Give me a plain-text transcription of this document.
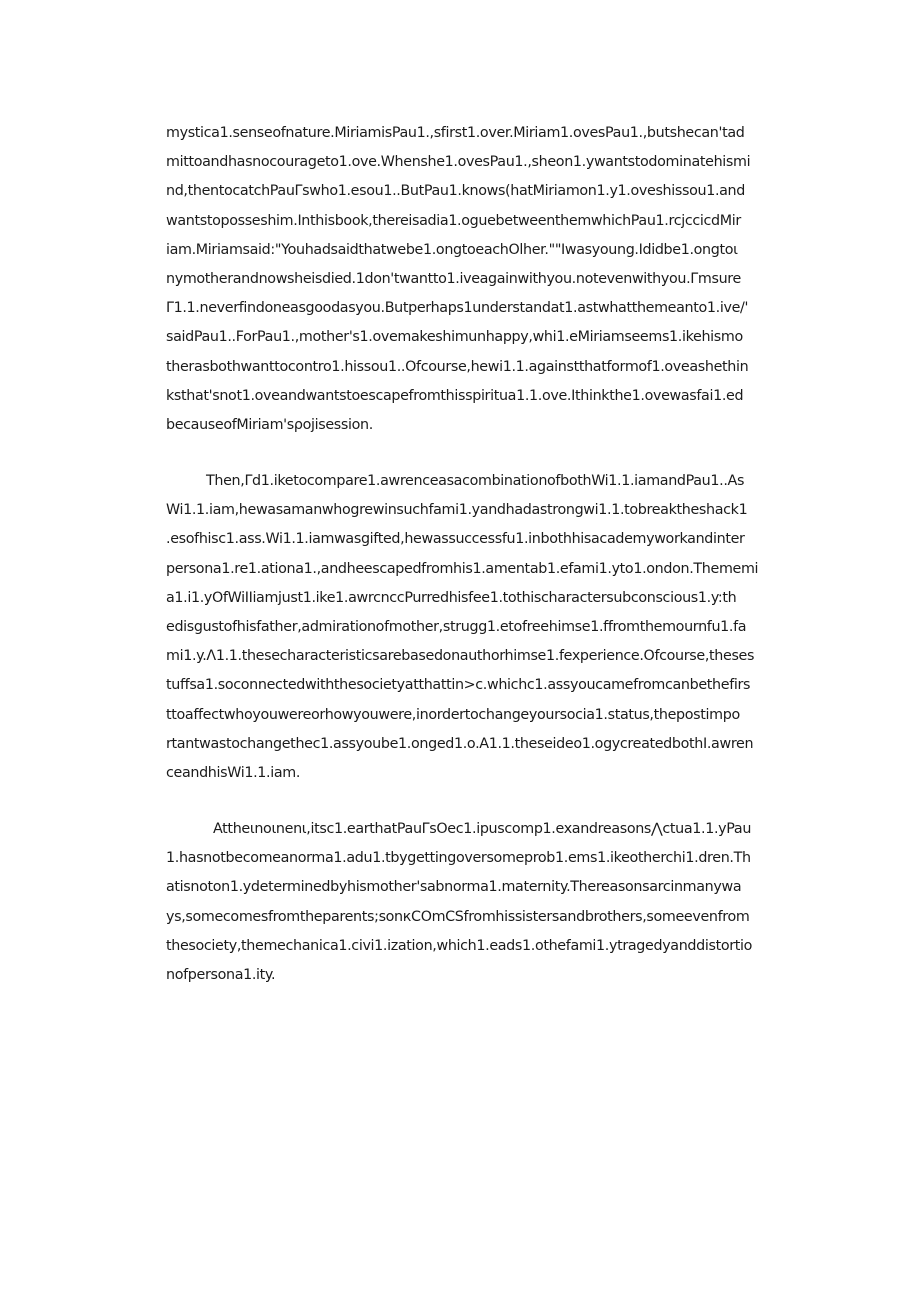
mystica1.senseofnature.MiriamisPau1.,sfirst1.over.Miriam1.ovesPau1.,butshecan'tad
mittoandhasnocouragetо1.ove.Whenshe1.ovesPau1.,sheon1.ywantstodominatehismi
nd,thentocatchPauΓswho1.esou1..ButPau1.knows(hatMiriamon1.y1.oveshissou1.and
wantstopossеshim.Inthisbook,thereisadia1.oguebetweenthemwhichPau1.rcjccicdMir
iam.Miriamsaid:"Youhadsaidthatwebe1.ongtoeachOlher.""Iwasyoung.Ididbe1.ongtoι
nymotherandnowsheisdied.1don'twantto1.iveagainwithyou.notevenwithyou.Γmsure
Γ1.1.neverfindoneasgoodasyou.Butperhaps1understandat1.astwhatthemeanto1.ive/'
saidPau1..ForPau1.,mother's1.ovemakeshimunhappy,whi1.eMiriamseems1.ikehismo
therasbothwanttocontro1.hissou1..Ofcourse,hewi1.1.againstthatformof1.oveashethin
ksthat'snot1.oveandwantstoescapefromthisspiritua1.1.ove.Ithinkthe1.ovewasfai1.ed
becauseofMiriam'sρojisession.
Then,Γd1.iketocompare1.awrenceasacombinationofbothWi1.1.iamandPau1..As
Wi1.1.iam,hewasamanwhogrewinsuchfami1.yandhadastrongwi1.1.tobreaktheshack1
.esofhisc1.ass.Wi1.1.iamwasgifted,hewassuccessfu1.inbothhisacademyworkandinter
persona1.re1.ationa1.,andheescapedfromhis1.amentab1.efami1.yto1.ondon.Thememi
a1.i1.yOfWiIIiamjust1.ike1.awrcnccPurredhisfee1.tothischaractersubconscious1.y:th
edisgustofhisfather,admirationofmother,strugg1.etofreehimse1.ffromthemournfu1.fa
mi1.y.Λ1.1.thesecharacteristicsarebasedonauthorhimse1.fexperience.Ofcourse,theses
tuffsa1.soconnectedwiththesocietyatthattin>c.whichc1.assyoucamefromcanbethefirs
ttoaffectwhoyouwereorhowyouwere,inordertochangeyoursocia1.status,thepostimpo
rtantwastochangethec1.assyoube1.onged1.o.A1.1.theseideo1.ogycreatedbothI.awren
ceandhisWi1.1.iam.
Attheιnoιnenι,itsc1.earthatPauΓsOec1.ipuscomp1.exandreasons⋀ctua1.1.yPau
1.hasnotbecomeanorma1.adu1.tbygettingoversomeprob1.ems1.ikeotherchi1.dren.Th
atisnoton1.ydeterminedbyhismother'sabnorma1.maternity.Thereasonsarcinmanywa
ys,somecomesfromtheparents;sonкCOmCSfromhissistersandbrothers,someevenfrom
thesociety,themechanica1.civi1.ization,which1.eads1.othefami1.ytragedyanddistortio
nofpersona1.ity.
